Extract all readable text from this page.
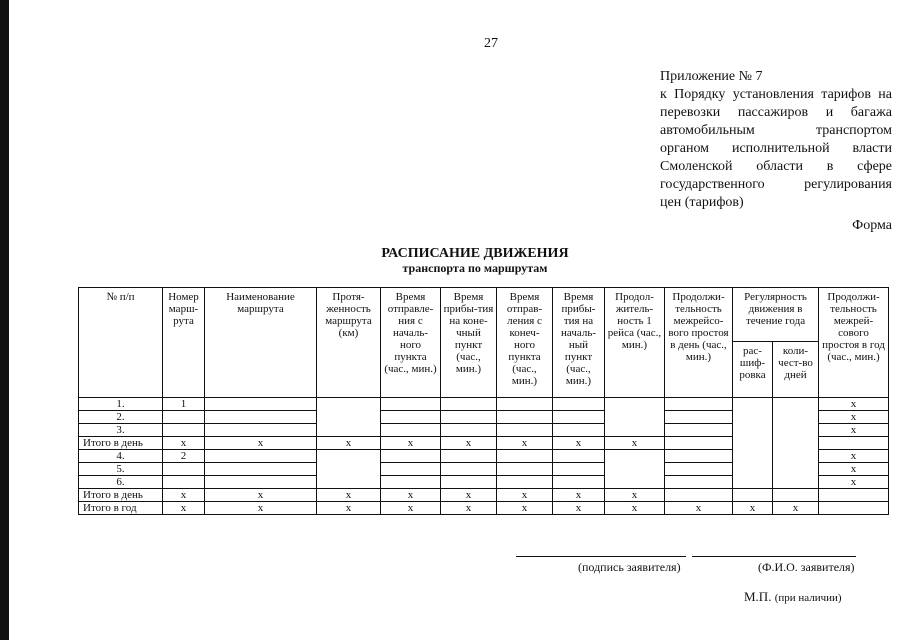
27
Приложение № 7
к Порядку установления тарифов на
перевозки пассажиров и багажа
автомобильным транспортом
органом исполнительной власти
Смоленской области в сфере
государственного регулирования
цен (тарифов)
Форма
РАСПИСАНИЕ ДВИЖЕНИЯ
транспорта по маршрутам
№ п/п	Номер марш-рута	Наименование маршрута	Протя-женность маршрута (км)	Время отправле-ния с началь-ного пункта (час., мин.)	Время прибы-тия на коне-чный пункт (час., мин.)	Время отправ-ления с конеч-ного пункта (час., мин.)	Время прибы-тия на началь-ный пункт (час., мин.)	Продол-житель-ность 1 рейса (час., мин.)	Продолжи-тельность межрейсо-вого простоя в день (час., мин.)	Регулярность движения в течение года		Продолжи-тельность межрей-сового простоя в год (час., мин.)
										рас-шиф-ровка	коли-чест-во дней	
1.	1											x
2.												x
3.												x
Итого в день	x	x	x	x	x	x	x	x				
4.	2											x
5.												x
6.												x
Итого в день	x	x	x	x	x	x	x	x				
Итого в год	x	x	x	x	x	x	x	x	x	x	x	
(подпись заявителя)	(Ф.И.О. заявителя)
М.П. (при наличии)
